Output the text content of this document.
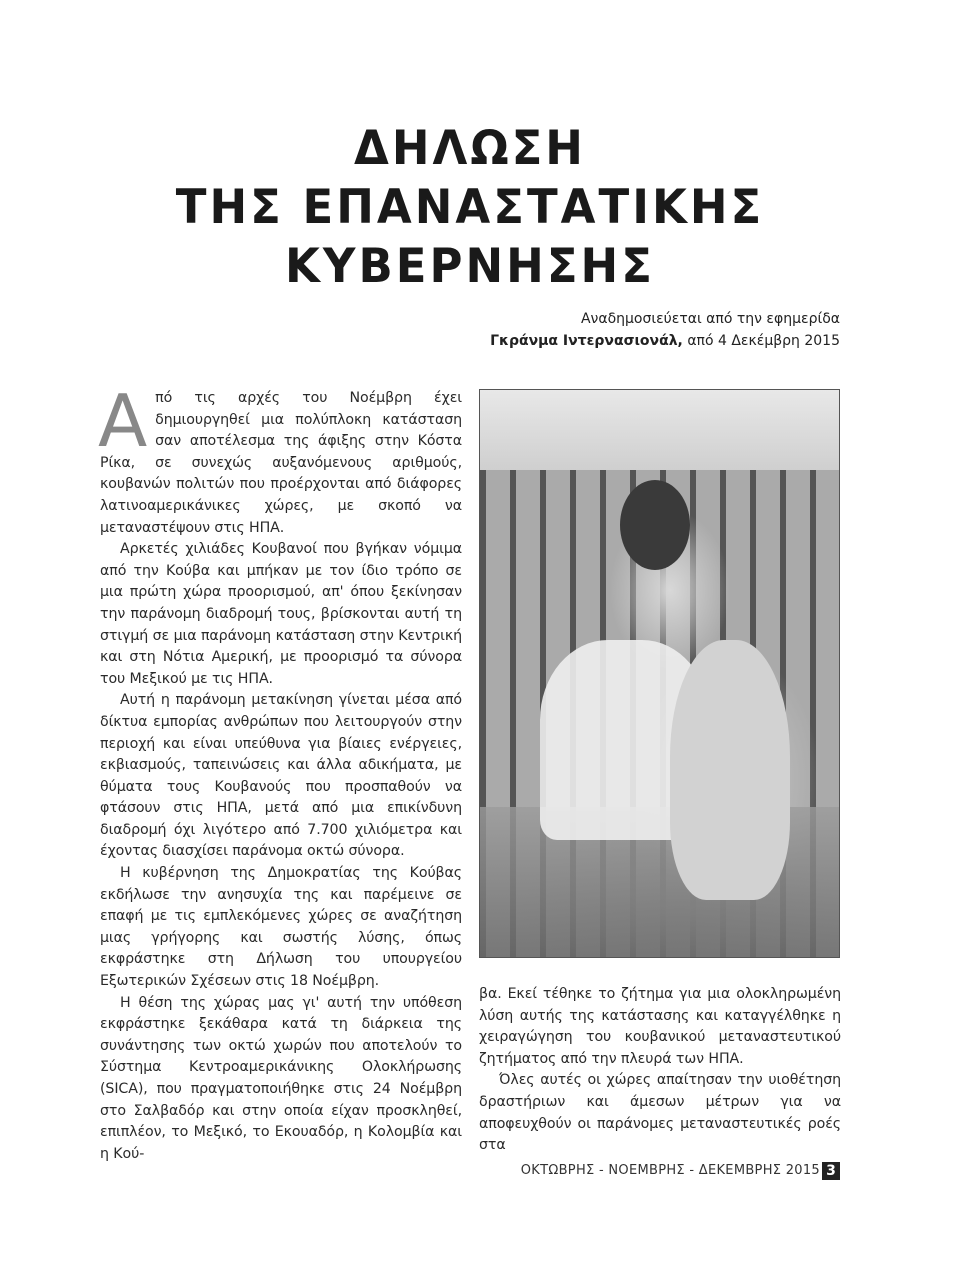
ΔΗΛΩΣΗ
ΤΗΣ ΕΠΑΝΑΣΤΑΤΙΚΗΣ
ΚΥΒΕΡΝΗΣΗΣ
Αναδημοσιεύεται από την εφημερίδα
Γκράνμα Ιντερνασιονάλ, από 4 Δεκέμβρη 2015

Από τις αρχές του Νοέμβρη έχει δημιουργηθεί μια πολύπλοκη κατάσταση σαν αποτέλεσμα της άφιξης στην Κόστα Ρίκα, σε συνεχώς αυξανόμενους αριθμούς, κουβανών πολιτών που προέρχονται από διάφορες λατινοαμερικάνικες χώρες, με σκοπό να μεταναστέψουν στις ΗΠΑ.

Αρκετές χιλιάδες Κουβανοί που βγήκαν νόμιμα από την Κούβα και μπήκαν με τον ίδιο τρόπο σε μια πρώτη χώρα προορισμού, απ' όπου ξεκίνησαν την παράνομη διαδρομή τους, βρίσκονται αυτή τη στιγμή σε μια παράνομη κατάσταση στην Κεντρική και στη Νότια Αμερική, με προορισμό τα σύνορα του Μεξικού με τις ΗΠΑ.

Αυτή η παράνομη μετακίνηση γίνεται μέσα από δίκτυα εμπορίας ανθρώπων που λειτουργούν στην περιοχή και είναι υπεύθυνα για βίαιες ενέργειες, εκβιασμούς, ταπεινώσεις και άλλα αδικήματα, με θύματα τους Κουβανούς που προσπαθούν να φτάσουν στις ΗΠΑ, μετά από μια επικίνδυνη διαδρομή όχι λιγότερο από 7.700 χιλιόμετρα και έχοντας διασχίσει παράνομα οκτώ σύνορα.

Η κυβέρνηση της Δημοκρατίας της Κούβας εκδήλωσε την ανησυχία της και παρέμεινε σε επαφή με τις εμπλεκόμενες χώρες σε αναζήτηση μιας γρήγορης και σωστής λύσης, όπως εκφράστηκε στη Δήλωση του υπουργείου Εξωτερικών Σχέσεων στις 18 Νοέμβρη.

Η θέση της χώρας μας γι' αυτή την υπόθεση εκφράστηκε ξεκάθαρα κατά τη διάρκεια της συνάντησης των οκτώ χωρών που αποτελούν το Σύστημα Κεντροαμερικάνικης Ολοκλήρωσης (SICA), που πραγματοποιήθηκε στις 24 Νοέμβρη στο Σαλβαδόρ και στην οποία είχαν προσκληθεί, επιπλέον, το Μεξικό, το Εκουαδόρ, η Κολομβία και η Κού-

βα. Εκεί τέθηκε το ζήτημα για μια ολοκληρωμένη λύση αυτής της κατάστασης και καταγγέλθηκε η χειραγώγηση του κουβανικού μεταναστευτικού ζητήματος από την πλευρά των ΗΠΑ.

Όλες αυτές οι χώρες απαίτησαν την υιοθέτηση δραστήριων και άμεσων μέτρων για να αποφευχθούν οι παράνομες μεταναστευτικές ροές στα

ΟΚΤΩΒΡΗΣ - ΝΟΕΜΒΡΗΣ - ΔΕΚΕΜΒΡΗΣ 2015 3
